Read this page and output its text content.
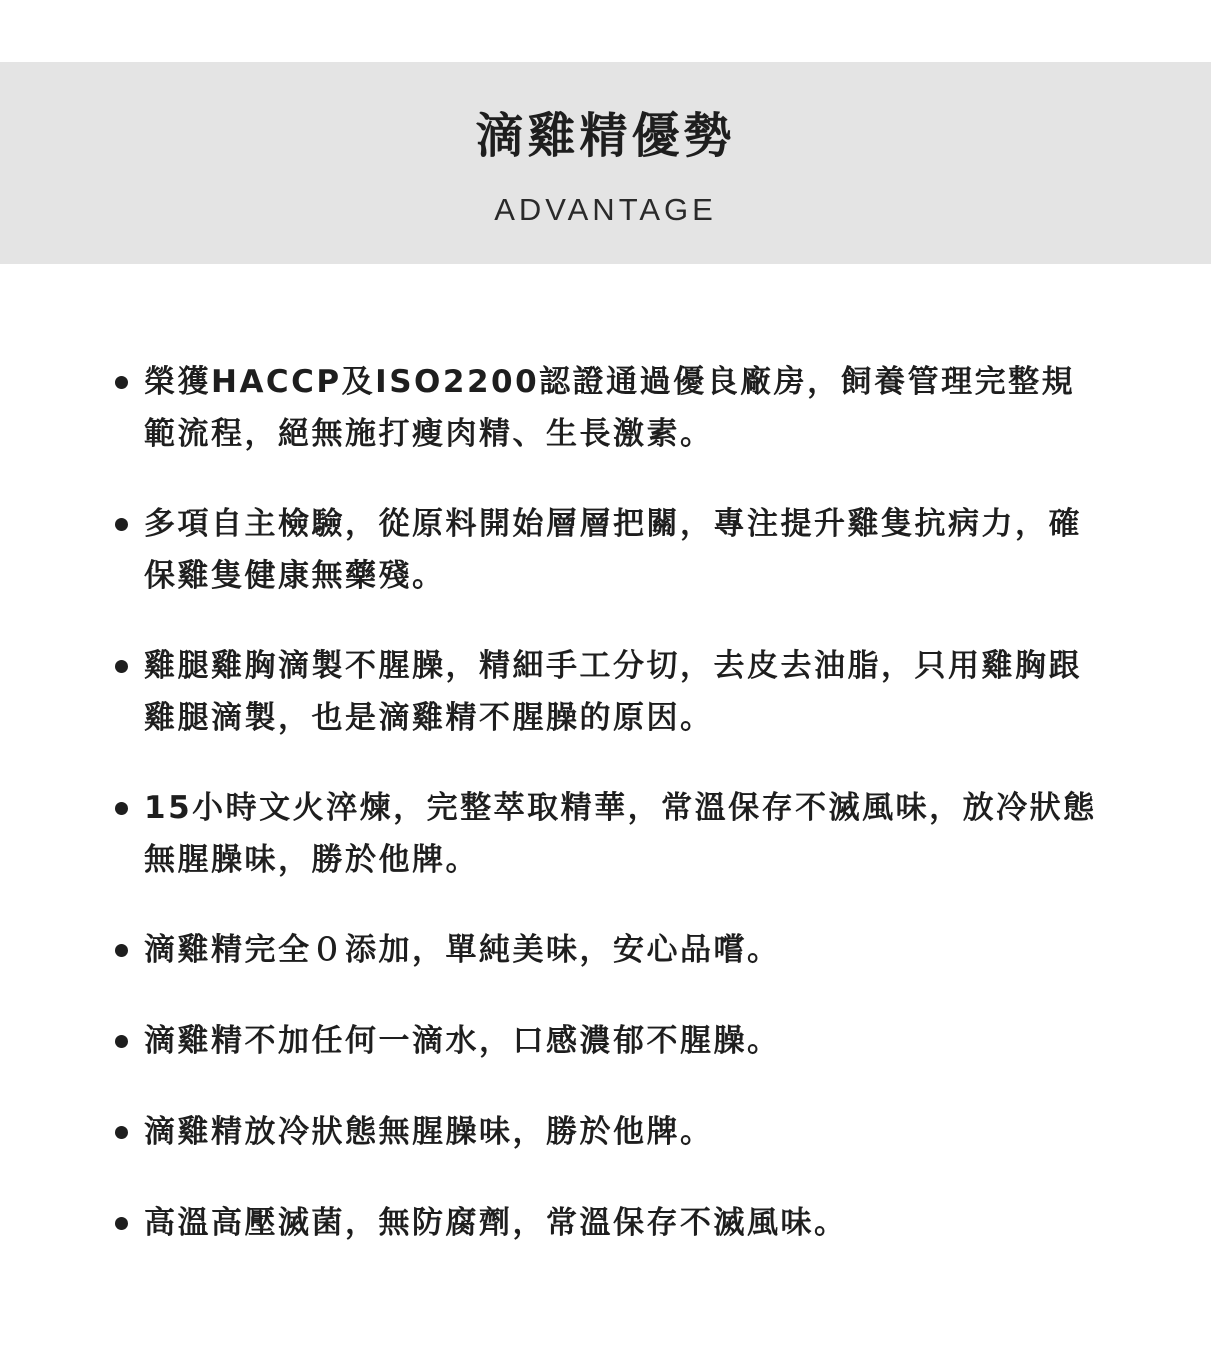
滴雞精優勢
ADVANTAGE
榮獲HACCP及ISO2200認證通過優良廠房，飼養管理完整規範流程，絕無施打瘦肉精、生長激素。
多項自主檢驗，從原料開始層層把關，專注提升雞隻抗病力，確保雞隻健康無藥殘。
雞腿雞胸滴製不腥臊，精細手工分切，去皮去油脂，只用雞胸跟雞腿滴製，也是滴雞精不腥臊的原因。
15小時文火淬煉，完整萃取精華，常溫保存不滅風味，放冷狀態無腥臊味，勝於他牌。
滴雞精完全０添加，單純美味，安心品嚐。
滴雞精不加任何一滴水，口感濃郁不腥臊。
滴雞精放冷狀態無腥臊味，勝於他牌。
高溫高壓滅菌，無防腐劑，常溫保存不滅風味。
